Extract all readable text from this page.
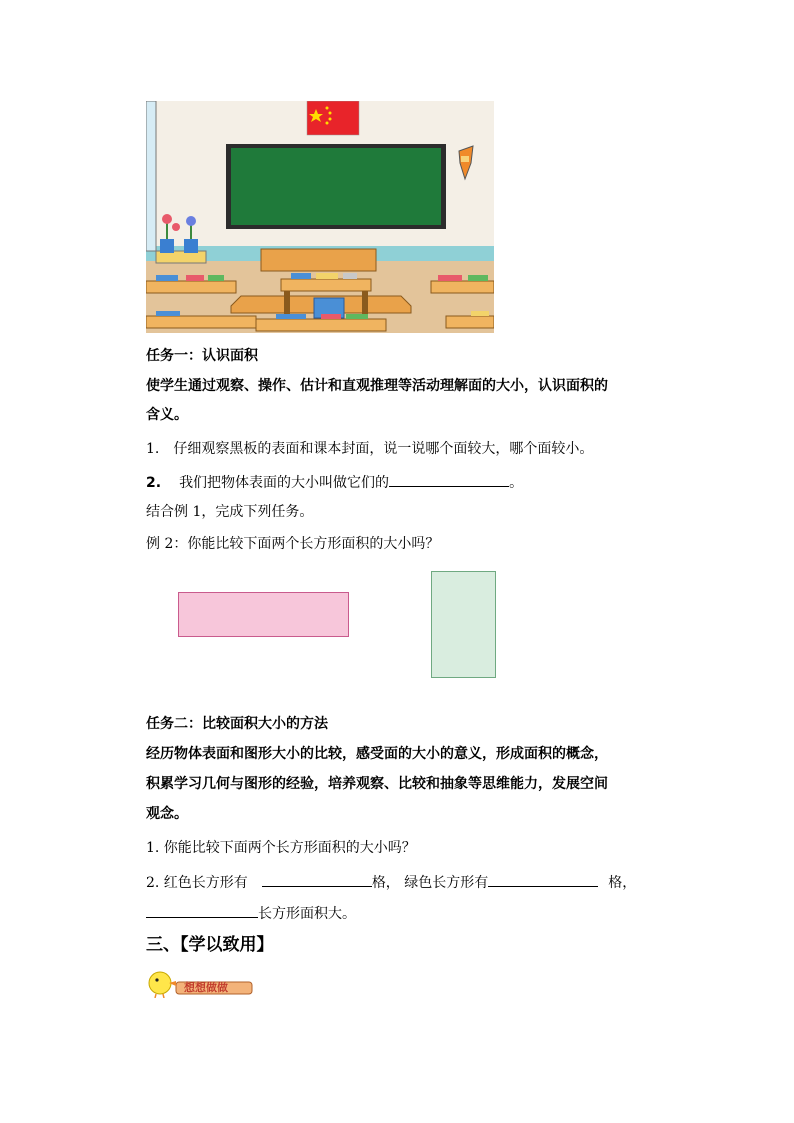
任务一：认识面积
使学生通过观察、操作、估计和直观推理等活动理解面的大小，认识面积的
含义。
1. 仔细观察黑板的表面和课本封面，说一说哪个面较大，哪个面较小。
2. 我们把物体表面的大小叫做它们的	。
结合例 1，完成下列任务。
例 2：你能比较下面两个长方形面积的大小吗？
任务二：比较面积大小的方法
经历物体表面和图形大小的比较，感受面的大小的意义，形成面积的概念，
积累学习几何与图形的经验，培养观察、比较和抽象等思维能力，发展空间
观念。
1. 你能比较下面两个长方形面积的大小吗？
2. 红色长方形有	格， 绿色长方形有	格，
长方形面积大。
三、【学以致用】
想想做做
